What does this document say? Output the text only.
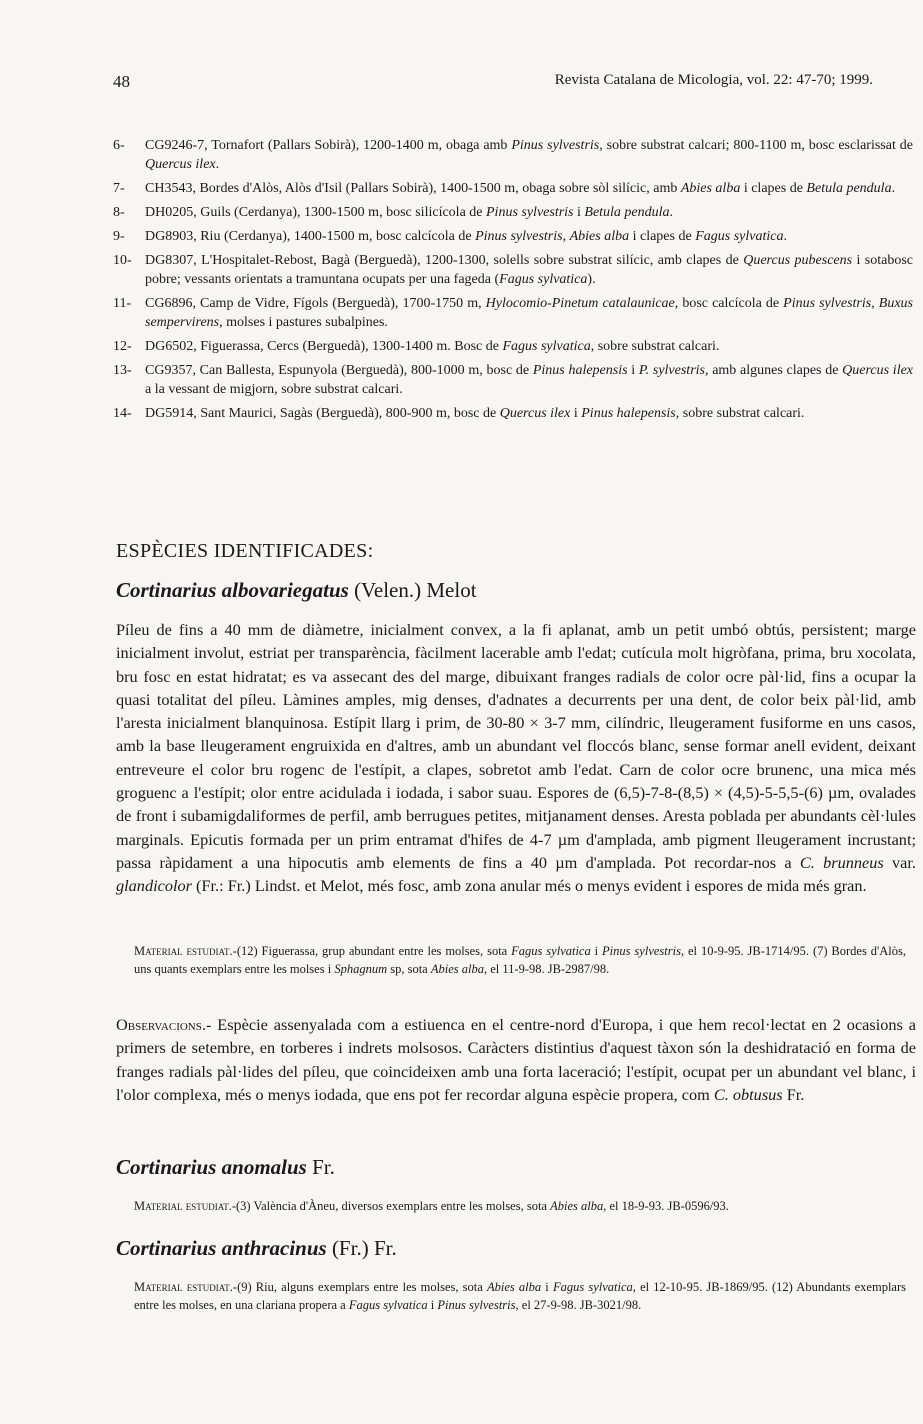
48	Revista Catalana de Micologia, vol. 22: 47-70; 1999.
6-	CG9246-7, Tornafort (Pallars Sobirà), 1200-1400 m, obaga amb Pinus sylvestris, sobre substrat calcari; 800-1100 m, bosc esclarissat de Quercus ilex.
7-	CH3543, Bordes d'Alòs, Alòs d'Isil (Pallars Sobirà), 1400-1500 m, obaga sobre sòl silícic, amb Abies alba i clapes de Betula pendula.
8-	DH0205, Guils (Cerdanya), 1300-1500 m, bosc silicícola de Pinus sylvestris i Betula pendula.
9-	DG8903, Riu (Cerdanya), 1400-1500 m, bosc calcícola de Pinus sylvestris, Abies alba i clapes de Fagus sylvatica.
10- DG8307, L'Hospitalet-Rebost, Bagà (Berguedà), 1200-1300, solells sobre substrat silícic, amb clapes de Quercus pubescens i sotabosc pobre; vessants orientats a tramuntana ocupats per una fageda (Fagus sylvatica).
11- CG6896, Camp de Vidre, Fígols (Berguedà), 1700-1750 m, Hylocomio-Pinetum catalaunicae, bosc calcícola de Pinus sylvestris, Buxus sempervirens, molses i pastures subalpines.
12- DG6502, Figuerassa, Cercs (Berguedà), 1300-1400 m. Bosc de Fagus sylvatica, sobre substrat calcari.
13- CG9357, Can Ballesta, Espunyola (Berguedà), 800-1000 m, bosc de Pinus halepensis i P. sylvestris, amb algunes clapes de Quercus ilex a la vessant de migjorn, sobre substrat calcari.
14- DG5914, Sant Maurici, Sagàs (Berguedà), 800-900 m, bosc de Quercus ilex i Pinus halepensis, sobre substrat calcari.
ESPÈCIES IDENTIFICADES:
Cortinarius albovariegatus (Velen.) Melot
Píleu de fins a 40 mm de diàmetre, inicialment convex, a la fi aplanat, amb un petit umbó obtús, persistent; marge inicialment involut, estriat per transparència, fàcilment lacerable amb l'edat; cutícula molt higròfana, prima, bru xocolata, bru fosc en estat hidratat; es va assecant des del marge, dibuixant franges radials de color ocre pàl·lid, fins a ocupar la quasi totalitat del píleu. Làmines amples, mig denses, d'adnates a decurrents per una dent, de color beix pàl·lid, amb l'aresta inicialment blanquinosa. Estípit llarg i prim, de 30-80 × 3-7 mm, cilíndric, lleugerament fusiforme en uns casos, amb la base lleugerament engruixida en d'altres, amb un abundant vel floccós blanc, sense formar anell evident, deixant entreveure el color bru rogenc de l'estípit, a clapes, sobretot amb l'edat. Carn de color ocre brunenc, una mica més groguenc a l'estípit; olor entre acidulada i iodada, i sabor suau. Espores de (6,5)-7-8-(8,5) × (4,5)-5-5,5-(6) µm, ovalades de front i subamigdaliformes de perfil, amb berrugues petites, mitjanament denses. Aresta poblada per abundants cèl·lules marginals. Epicutis formada per un prim entramat d'hifes de 4-7 µm d'amplada, amb pigment lleugerament incrustant; passa ràpidament a una hipocutis amb elements de fins a 40 µm d'amplada. Pot recordar-nos a C. brunneus var. glandicolor (Fr.: Fr.) Lindst. et Melot, més fosc, amb zona anular més o menys evident i espores de mida més gran.
Material estudiat.-(12) Figuerassa, grup abundant entre les molses, sota Fagus sylvatica i Pinus sylvestris, el 10-9-95. JB-1714/95. (7) Bordes d'Alòs, uns quants exemplars entre les molses i Sphagnum sp, sota Abies alba, el 11-9-98. JB-2987/98.
Observacions.- Espècie assenyalada com a estiuenca en el centre-nord d'Europa, i que hem recol·lectat en 2 ocasions a primers de setembre, en torberes i indrets molsosos. Caràcters distintius d'aquest tàxon són la deshidratació en forma de franges radials pàl·lides del píleu, que coincideixen amb una forta laceració; l'estípit, ocupat per un abundant vel blanc, i l'olor complexa, més o menys iodada, que ens pot fer recordar alguna espècie propera, com C. obtusus Fr.
Cortinarius anomalus Fr.
Material estudiat.-(3) València d'Àneu, diversos exemplars entre les molses, sota Abies alba, el 18-9-93. JB-0596/93.
Cortinarius anthracinus (Fr.) Fr.
Material estudiat.-(9) Riu, alguns exemplars entre les molses, sota Abies alba i Fagus sylvatica, el 12-10-95. JB-1869/95. (12) Abundants exemplars entre les molses, en una clariana propera a Fagus sylvatica i Pinus sylvestris, el 27-9-98. JB-3021/98.
